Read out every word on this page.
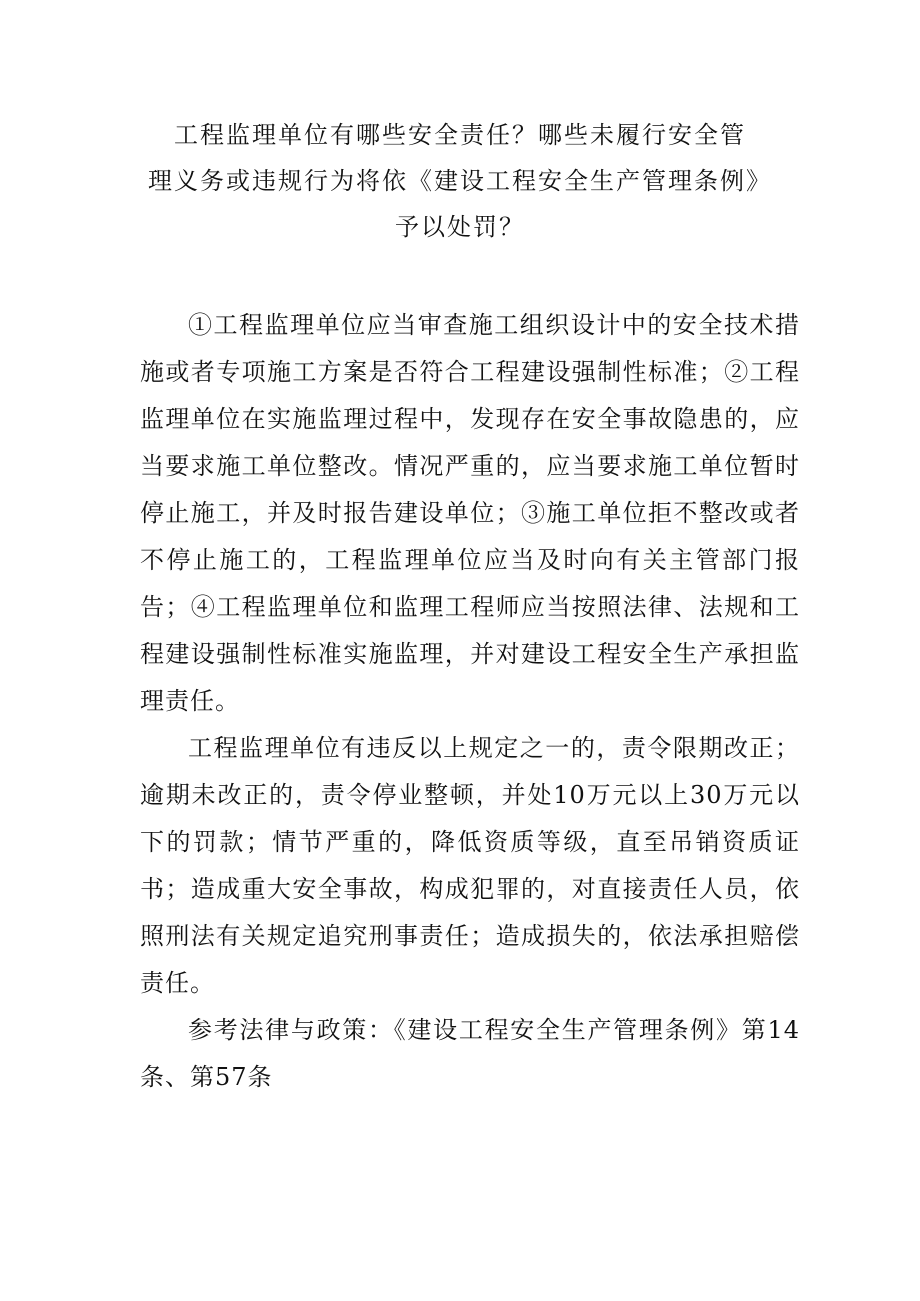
工程监理单位有哪些安全责任？哪些未履行安全管
理义务或违规行为将依《建设工程安全生产管理条例》
予以处罚？

①工程监理单位应当审查施工组织设计中的安全技术措施或者专项施工方案是否符合工程建设强制性标准；②工程监理单位在实施监理过程中，发现存在安全事故隐患的，应当要求施工单位整改。情况严重的，应当要求施工单位暂时停止施工，并及时报告建设单位；③施工单位拒不整改或者不停止施工的，工程监理单位应当及时向有关主管部门报告；④工程监理单位和监理工程师应当按照法律、法规和工程建设强制性标准实施监理，并对建设工程安全生产承担监理责任。

工程监理单位有违反以上规定之一的，责令限期改正；逾期未改正的，责令停业整顿，并处10万元以上30万元以下的罚款；情节严重的，降低资质等级，直至吊销资质证书；造成重大安全事故，构成犯罪的，对直接责任人员，依照刑法有关规定追究刑事责任；造成损失的，依法承担赔偿责任。

参考法律与政策：《建设工程安全生产管理条例》第14条、第57条
